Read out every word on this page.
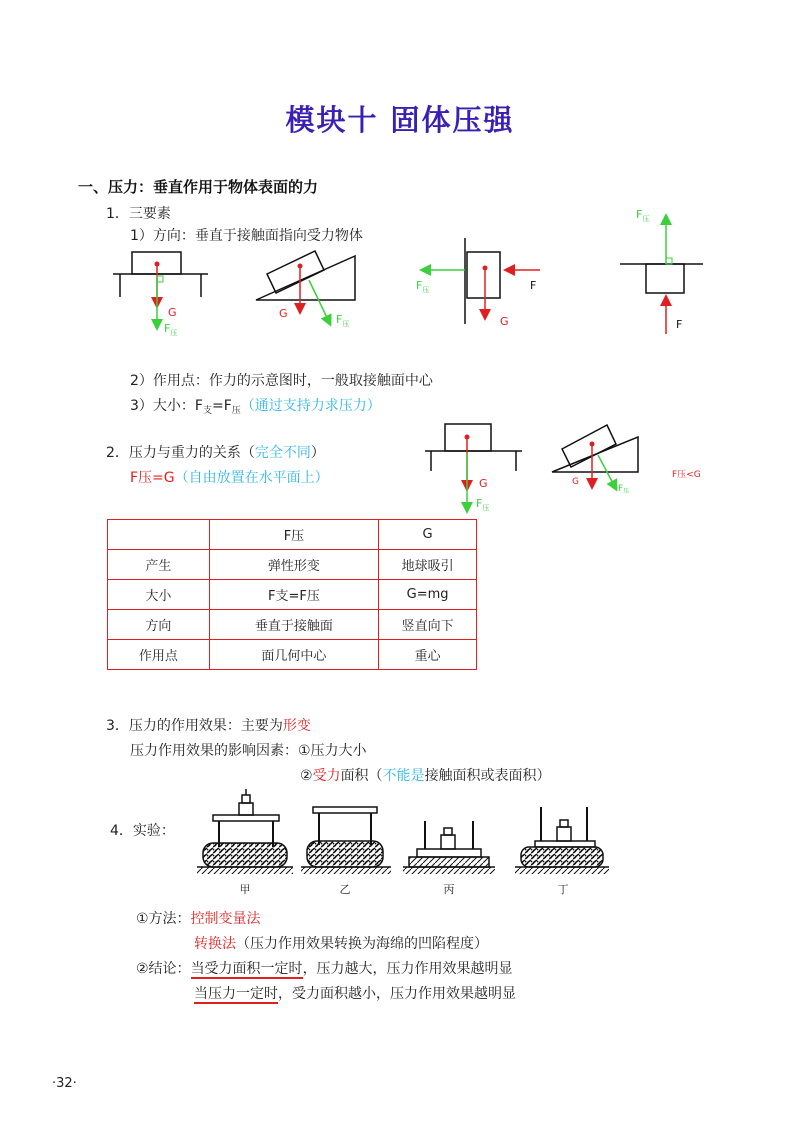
模块十 固体压强
一、压力：垂直作用于物体表面的力
1．三要素
1）方向：垂直于接触面指向受力物体
G
$F_压$
G	$F_压$	G
F
$F_压$
F
$F_压$
2）作用点：作力的示意图时，一般取接触面中心
3）大小：$F_支=F_压$（通过支持力求压力）
2．压力与重力的关系（完全不同）
F压=G（自由放置在水平面上）	G
$F_压$
G
$F_压$
F压<G
	F压	G
产生	弹性形变	地球吸引
大小	F支=F压	G=mg
方向	垂直于接触面	竖直向下
作用点	面几何中心	重心
3．压力的作用效果：主要为形变
压力作用效果的影响因素：①压力大小
②受力面积（不能是接触面积或表面积）
4．实验：
甲	乙	丙	丁
①方法：控制变量法
转换法（压力作用效果转换为海绵的凹陷程度）
②结论：当受力面积一定时，压力越大，压力作用效果越明显
当压力一定时，受力面积越小，压力作用效果越明显
·32·
